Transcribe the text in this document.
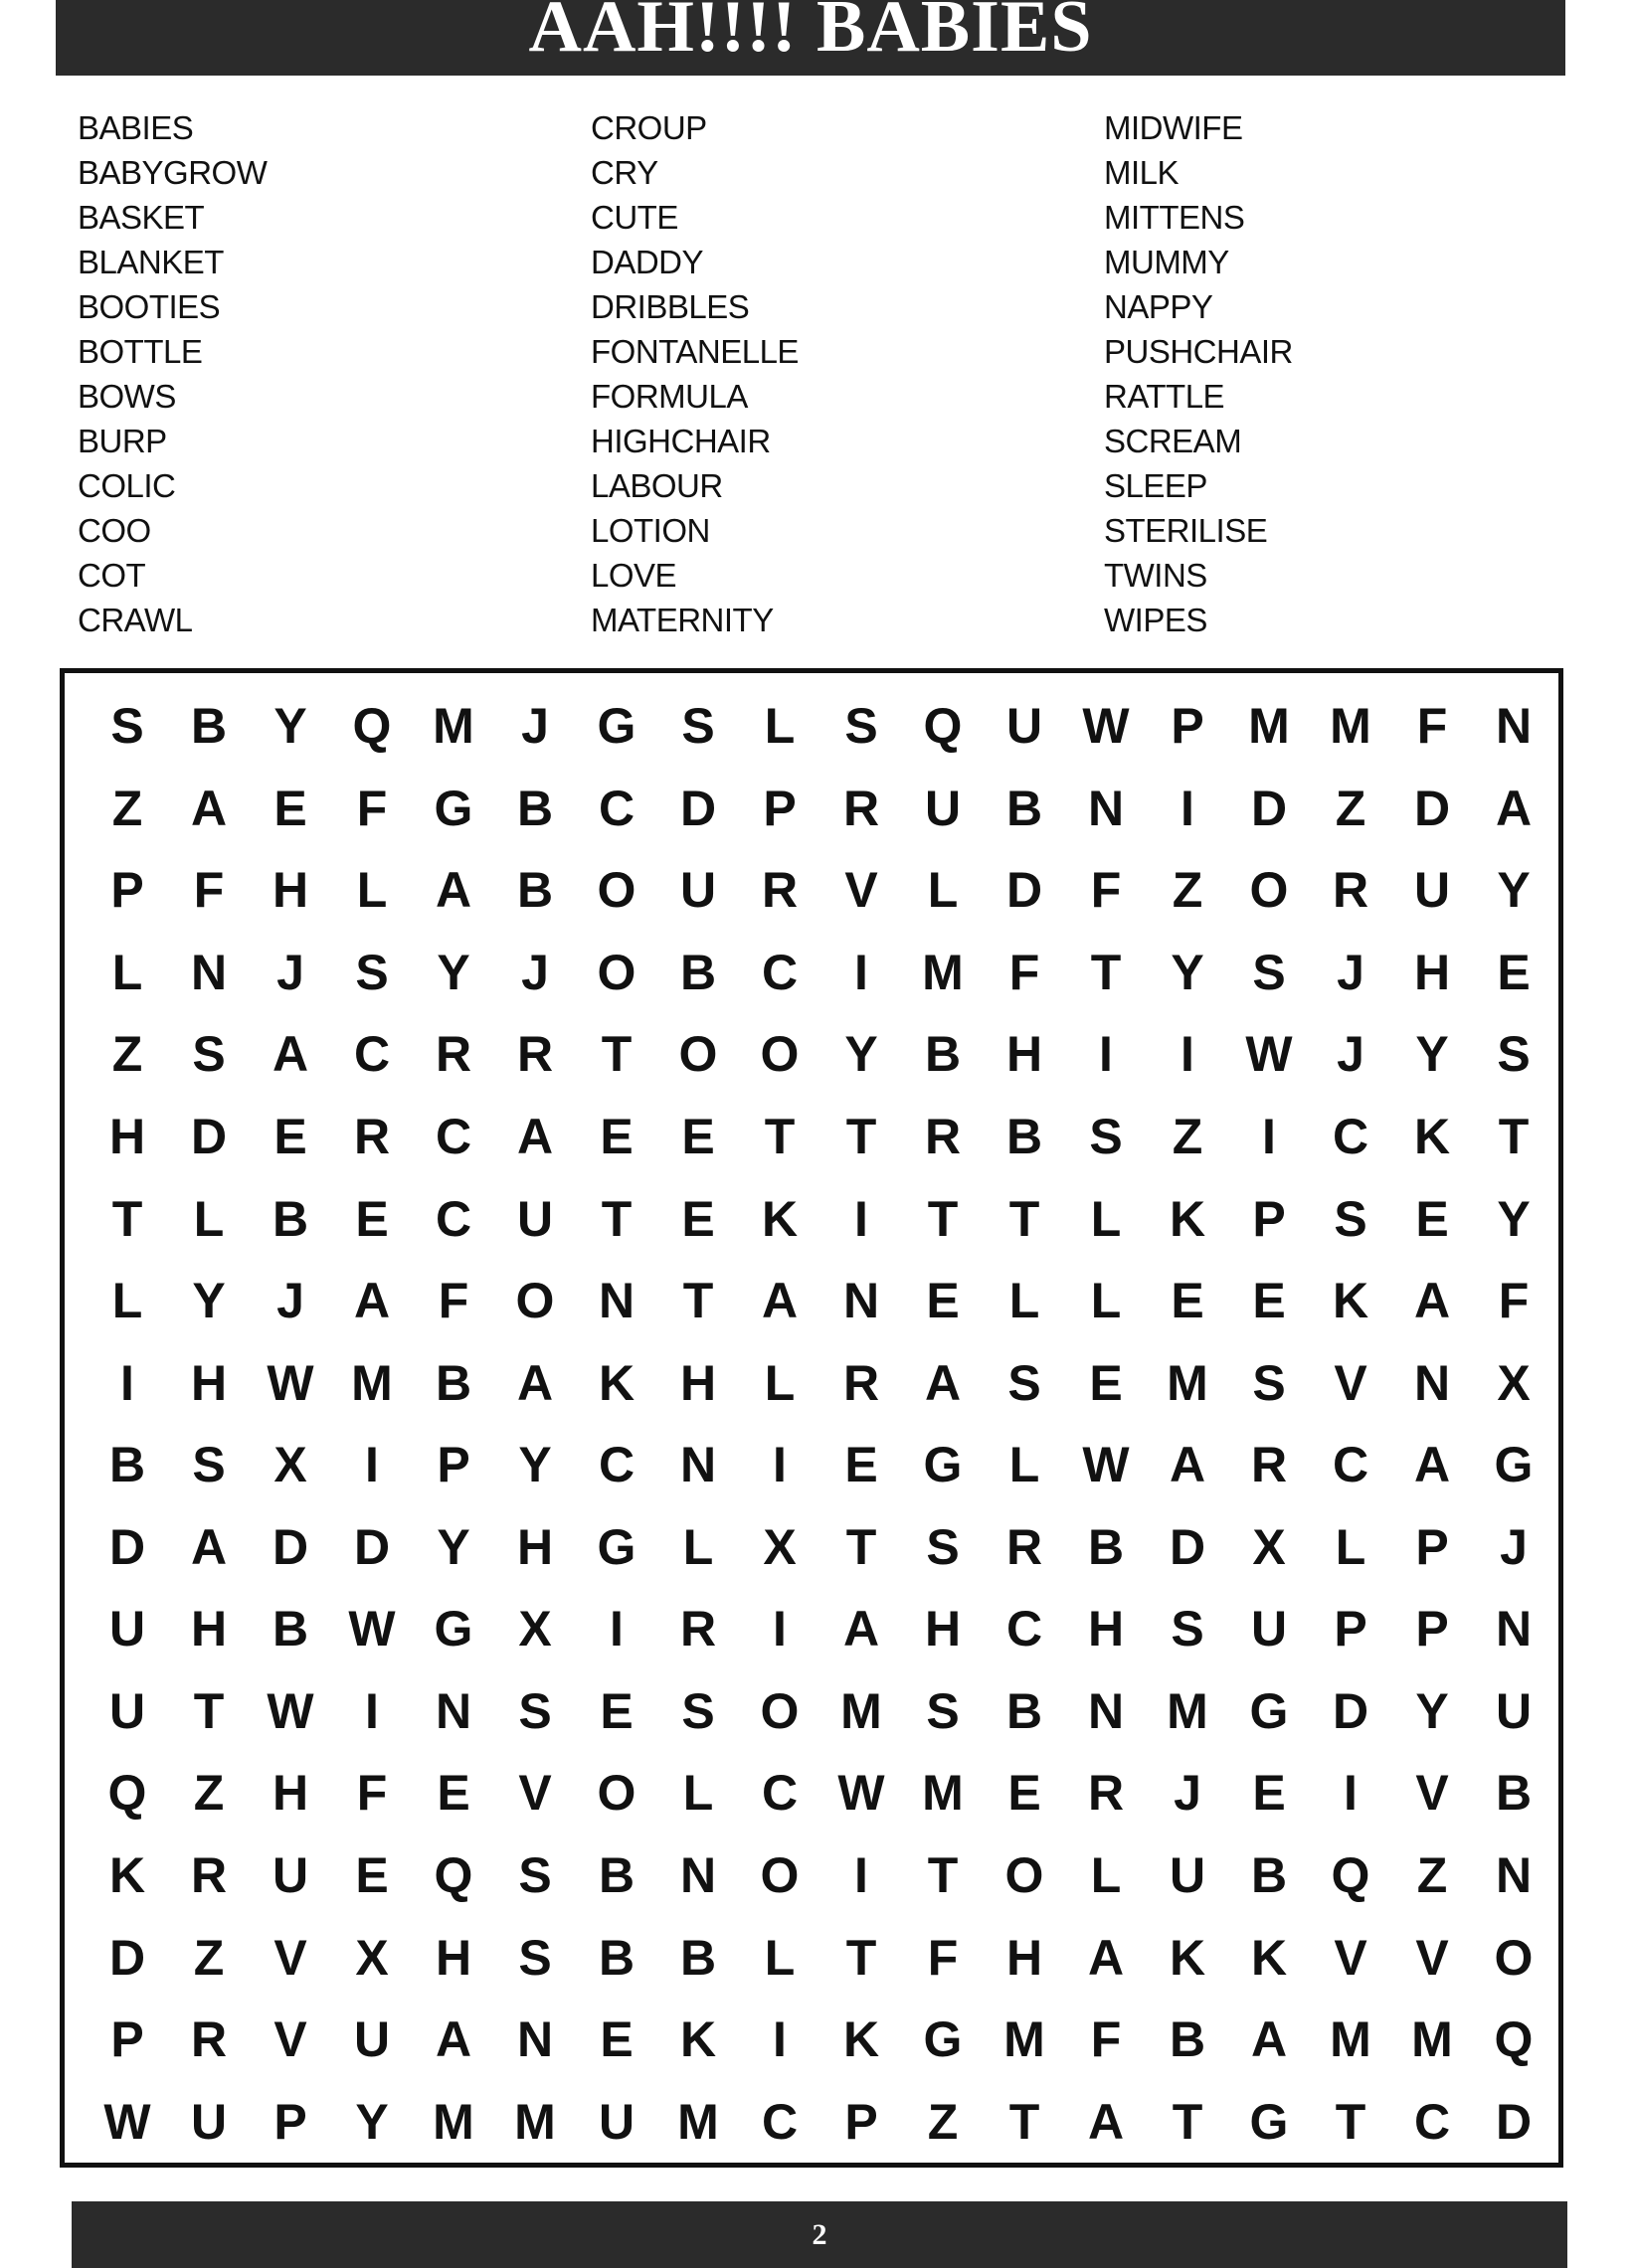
AAH!!!! BABIES
BABIES
BABYGROW
BASKET
BLANKET
BOOTIES
BOTTLE
BOWS
BURP
COLIC
COO
COT
CRAWL
CROUP
CRY
CUTE
DADDY
DRIBBLES
FONTANELLE
FORMULA
HIGHCHAIR
LABOUR
LOTION
LOVE
MATERNITY
MIDWIFE
MILK
MITTENS
MUMMY
NAPPY
PUSHCHAIR
RATTLE
SCREAM
SLEEP
STERILISE
TWINS
WIPES
S B Y Q M J G S	L	S Q U W P M M F N
Z A E	F G B C D P R U B N	I	D Z D A
P	F H L A B O U R V	L D F	Z O R U Y
L N	J	S Y	J O B C	I	M F	T	Y S	J	H E
Z	S A C R R T O O Y B H	I	I	W J	Y S
H D E R C A E E	T	T R B S	Z	I	C K T
T	L B E C U T	E K	I	T	T	L K P S E Y
L	Y	J	A F O N T A N E	L	L	E E K A F
I	H W M B A K H L R A S E M S V N X
B S X	I	P Y C N	I	E G L W A R C A G
D A D D Y H G L	X	T	S R B D X	L	P	J
U H B W G X	I	R	I	A H C H S U P P N
U T W	I	N S E S O M S B N M G D Y U
Q Z H F	E V O L C W M E R	J	E	I	V B
K R U E Q S B N O	I	T O L U B Q Z N
D Z	V X H S B B L	T	F H A K K V V O
P R V U A N E K	I	K G M F B A M M Q
W U P Y M M U M C P	Z	T A T G T C D
2
